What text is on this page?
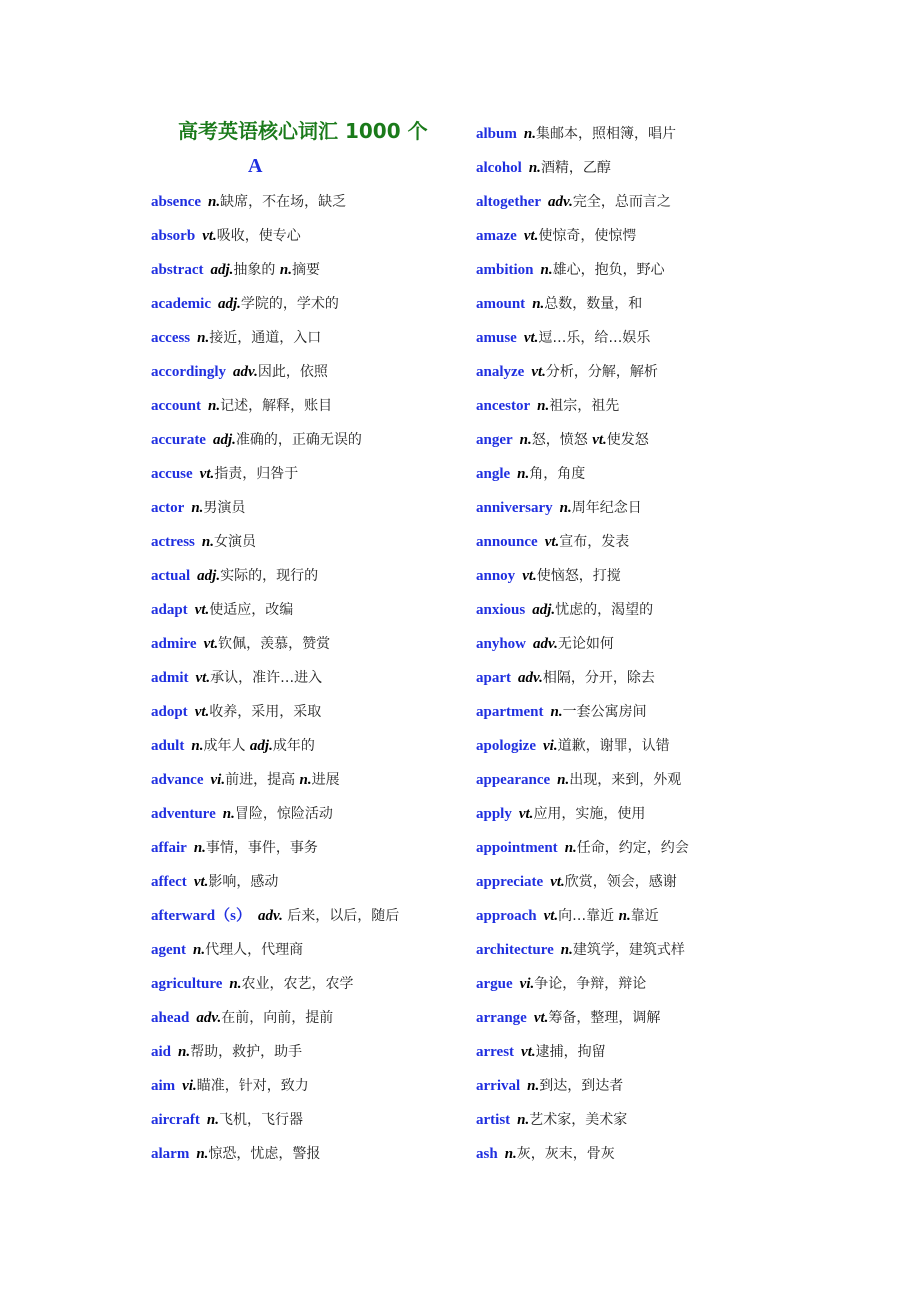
高考英语核心词汇 1000 个
A
absence n.缺席，不在场，缺乏
absorb vt.吸收，使专心
abstract adj.抽象的 n.摘要
academic adj.学院的，学术的
access n.接近，通道，入口
accordingly adv.因此，依照
account n.记述，解释，账目
accurate adj.准确的，正确无误的
accuse vt.指责，归咎于
actor n.男演员
actress n.女演员
actual adj.实际的，现行的
adapt vt.使适应，改编
admire vt.钦佩，羡慕，赞赏
admit vt.承认，准许…进入
adopt vt.收养，采用，采取
adult n.成年人 adj.成年的
advance vi.前进，提高 n.进展
adventure n.冒险，惊险活动
affair n.事情，事件，事务
affect vt.影响，感动
afterward（s） adv. 后来，以后，随后
agent n.代理人，代理商
agriculture n.农业，农艺，农学
ahead adv.在前，向前，提前
aid n.帮助，救护，助手
aim vi.瞄准，针对，致力
aircraft n.飞机，飞行器
alarm n.惊恐，忧虑，警报
album n.集邮本，照相簿，唱片
alcohol n.酒精，乙醇
altogether adv.完全，总而言之
amaze vt.使惊奇，使惊愕
ambition n.雄心，抱负，野心
amount n.总数，数量，和
amuse vt.逗…乐，给…娱乐
analyze vt.分析，分解，解析
ancestor n.祖宗，祖先
anger n.怒，愤怒 vt.使发怒
angle n.角，角度
anniversary n.周年纪念日
announce vt.宣布，发表
annoy vt.使恼怒，打搅
anxious adj.忧虑的，渴望的
anyhow adv.无论如何
apart adv.相隔，分开，除去
apartment n.一套公寓房间
apologize vi.道歉，谢罪，认错
appearance n.出现，来到，外观
apply vt.应用，实施，使用
appointment n.任命，约定，约会
appreciate vt.欣赏，领会，感谢
approach vt.向…靠近 n.靠近
architecture n.建筑学，建筑式样
argue vi.争论，争辩，辩论
arrange vt.筹备，整理，调解
arrest vt.逮捕，拘留
arrival n.到达，到达者
artist n.艺术家，美术家
ash n.灰，灰末，骨灰
